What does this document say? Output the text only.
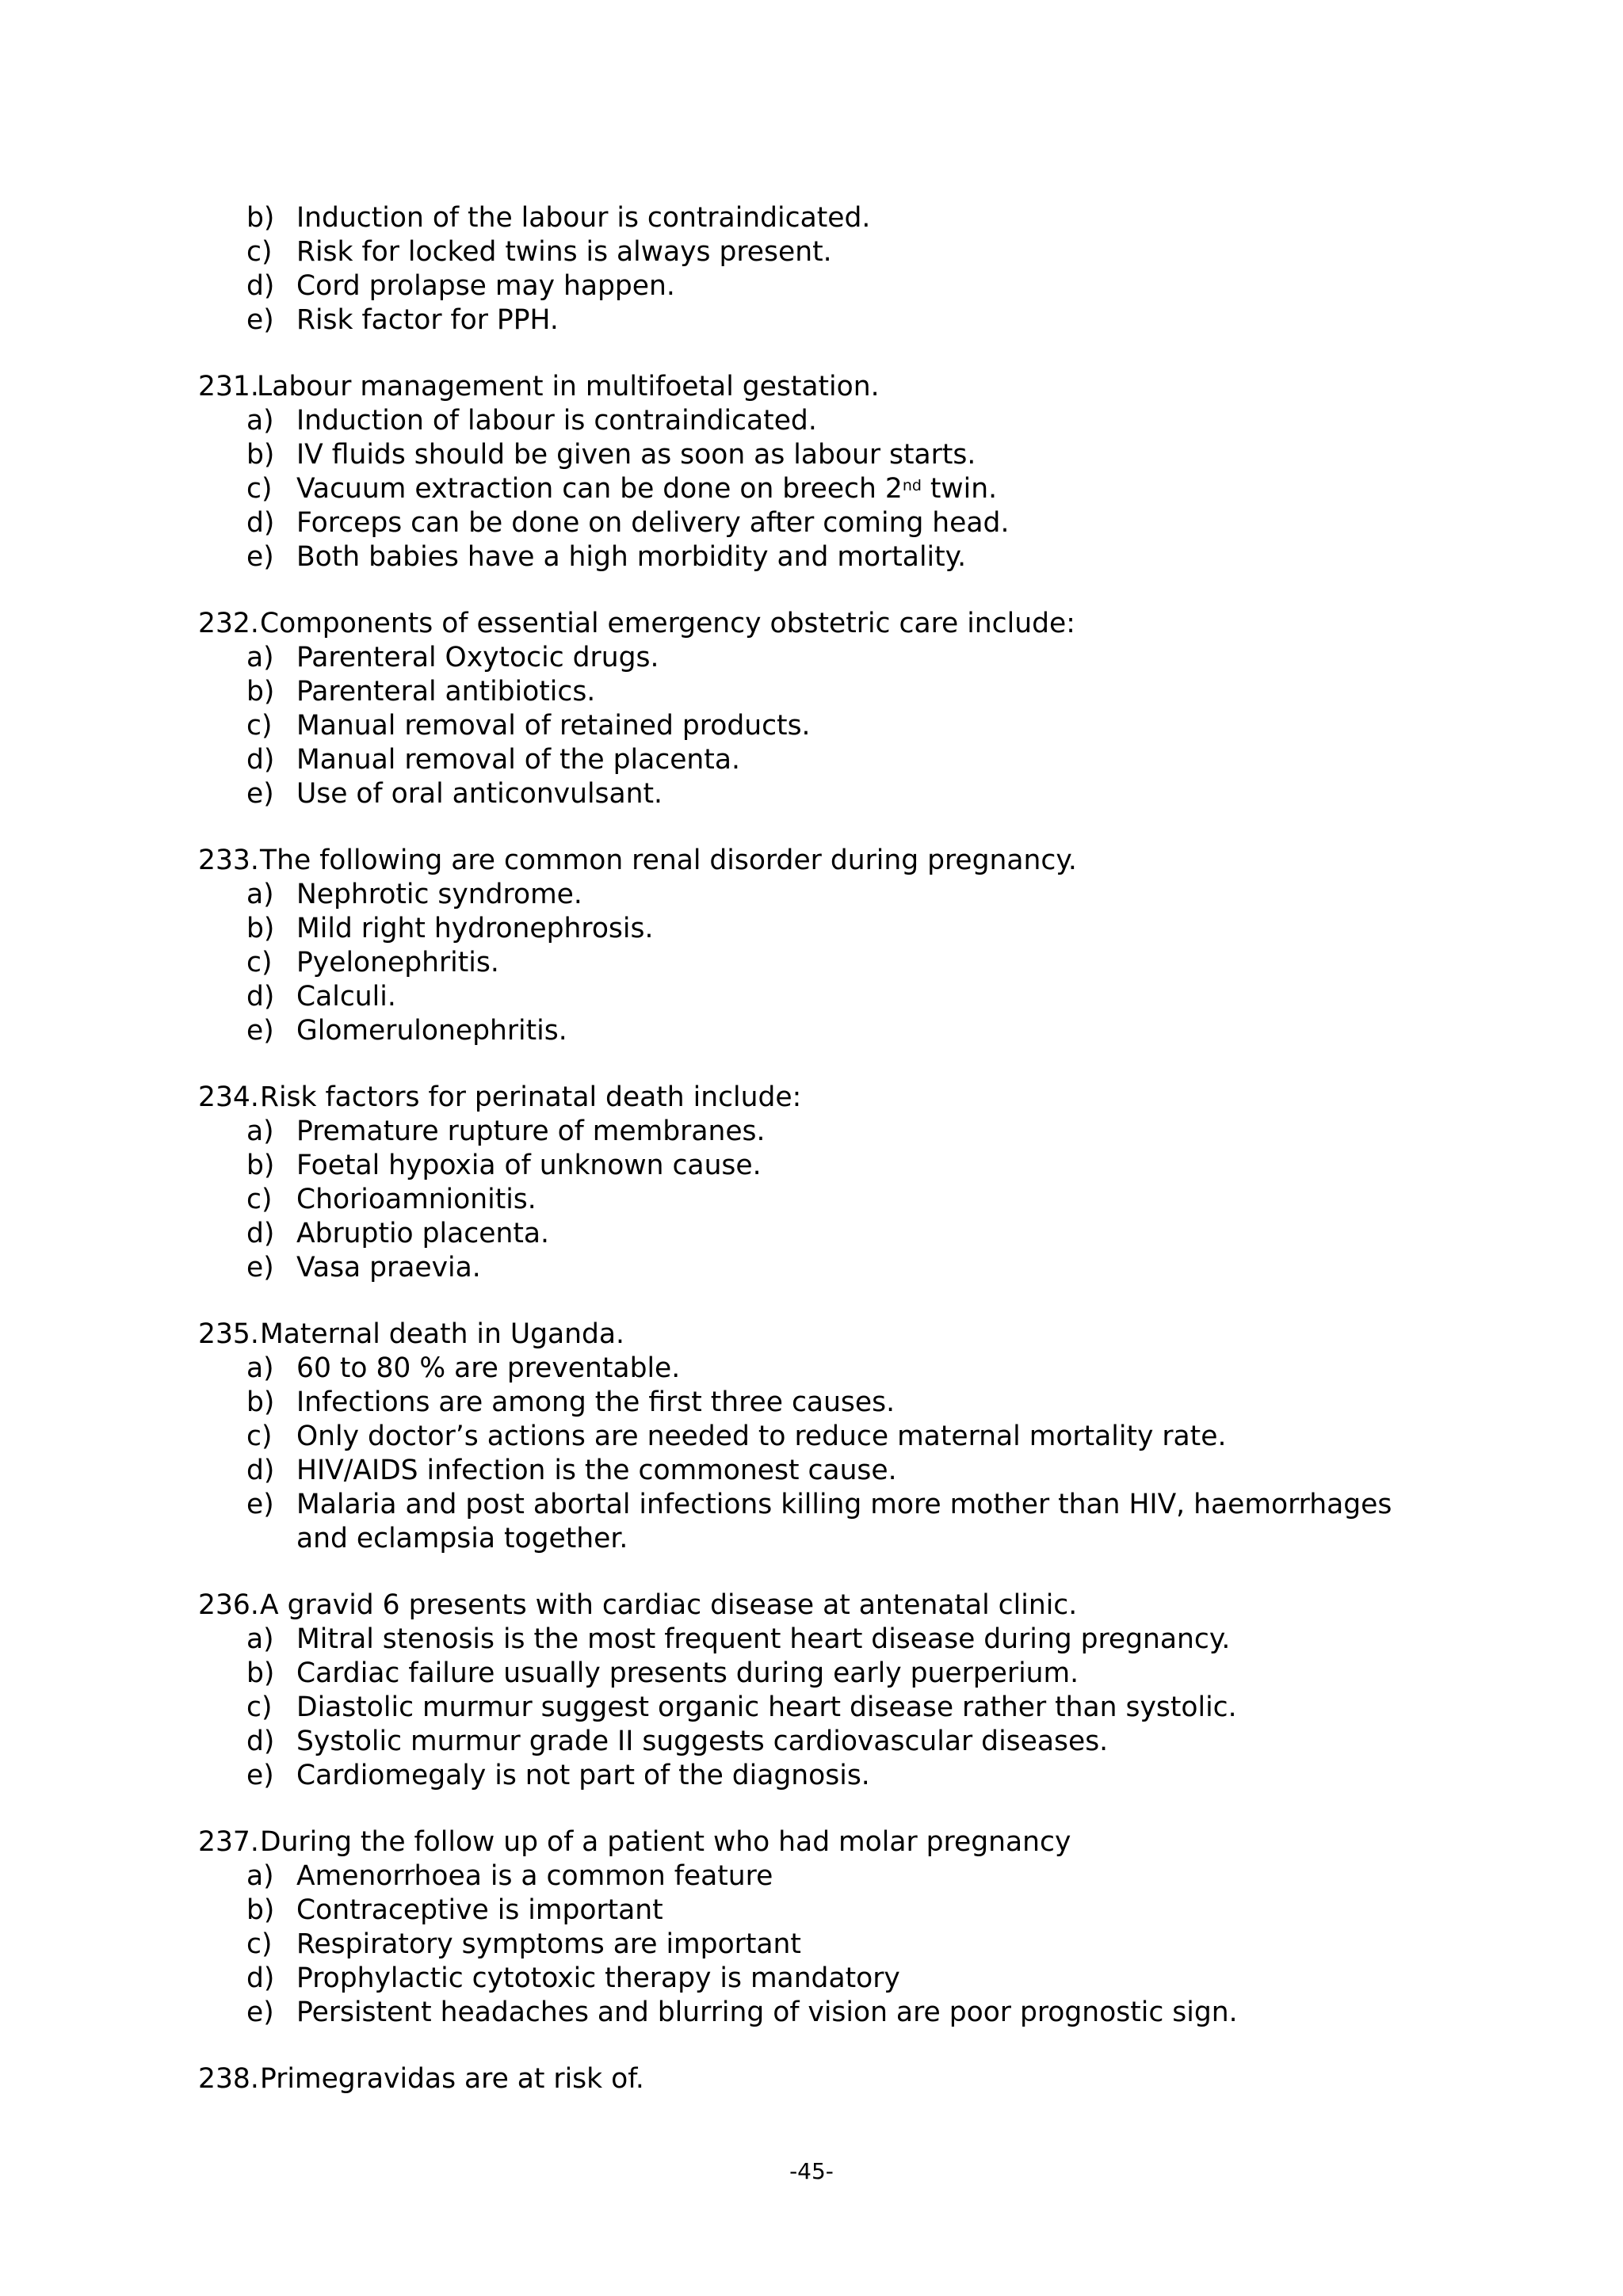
b) Induction of the labour is contraindicated.
c) Risk for locked twins is always present.
d) Cord prolapse may happen.
e) Risk factor for PPH.
231.
Labour management in multifoetal gestation.
a) Induction of labour is contraindicated.
b) IV fluids should be given as soon as labour starts.
c) Vacuum extraction can be done on breech 2nd twin.
d) Forceps can be done on delivery after coming head.
e) Both babies have a high morbidity and mortality.
232. Components of essential emergency obstetric care include:
a) Parenteral Oxytocic drugs.
b) Parenteral antibiotics.
c) Manual removal of retained products.
d) Manual removal of the placenta.
e) Use of oral anticonvulsant.
233. The following are common renal disorder during pregnancy.
a) Nephrotic syndrome.
b) Mild right hydronephrosis.
c) Pyelonephritis.
d) Calculi.
e) Glomerulonephritis.
234. Risk factors for perinatal death include:
a) Premature rupture of membranes.
b) Foetal hypoxia of unknown cause.
c) Chorioamnionitis.
d) Abruptio placenta.
e) Vasa praevia.
235. Maternal death in Uganda.
a) 60 to 80 % are preventable.
b) Infections are among the first three causes.
c) Only doctor’s actions are needed to reduce maternal mortality rate.
d) HIV/AIDS infection is the commonest cause.
e) Malaria and post abortal infections killing more mother than HIV, haemorrhages
and eclampsia together.
236. A gravid 6 presents with cardiac disease at antenatal clinic.
a) Mitral stenosis is the most frequent heart disease during pregnancy.
b) Cardiac failure usually presents during early puerperium.
c) Diastolic murmur suggest organic heart disease rather than systolic.
d) Systolic murmur grade II suggests cardiovascular diseases.
e) Cardiomegaly is not part of the diagnosis.
237. During the follow up of a patient who had molar pregnancy
a) Amenorrhoea is a common feature
b) Contraceptive is important
c) Respiratory symptoms are important
d) Prophylactic cytotoxic therapy is mandatory
e) Persistent headaches and blurring of vision are poor prognostic sign.
238. Primegravidas are at risk of.
-45-
